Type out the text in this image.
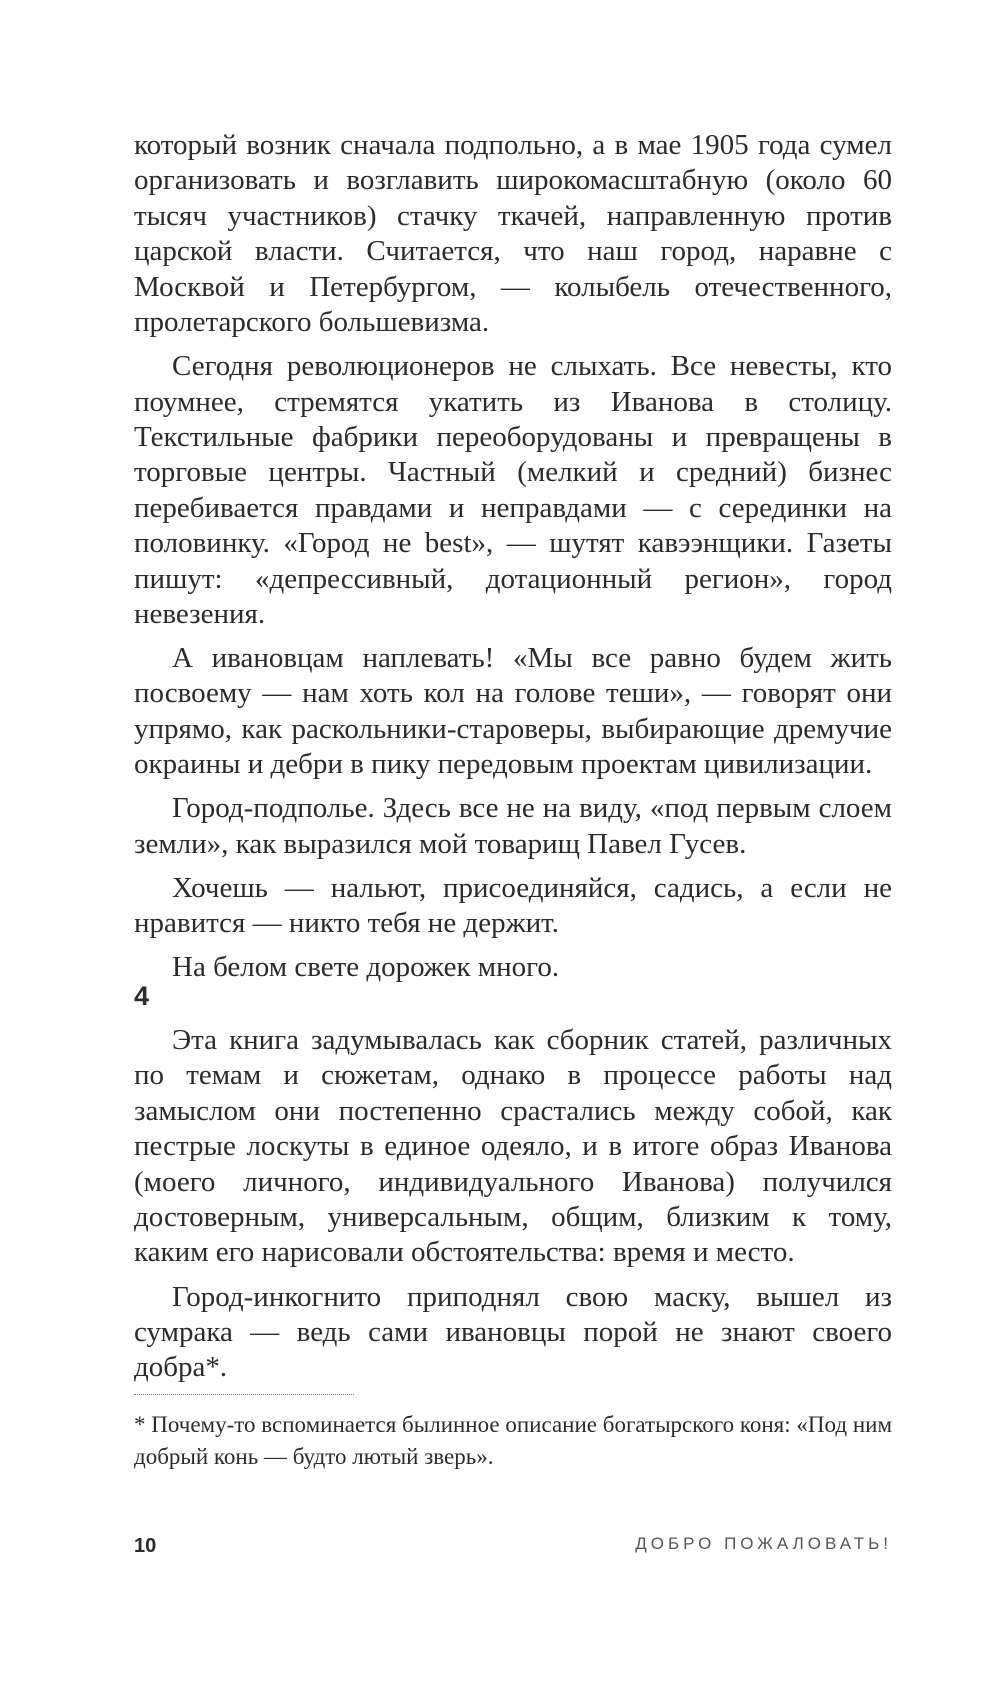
который возник сначала подпольно, а в мае 1905 года сумел организовать и возглавить широкомасштабную (около 60 тысяч участников) стачку ткачей, направленную против царской власти. Считается, что наш город, наравне с Москвой и Петербургом, — колыбель отечественного, пролетарского большевизма.

Сегодня революционеров не слыхать. Все невесты, кто поумнее, стремятся укатить из Иванова в столицу. Текстильные фабрики переоборудованы и превращены в торговые центры. Частный (мелкий и средний) бизнес перебивается правдами и неправдами — с серединки на половинку. «Город не best», — шутят кавээнщики. Газеты пишут: «депрессивный, дотационный регион», город невезения.

А ивановцам наплевать! «Мы все равно будем жить посвоему — нам хоть кол на голове теши», — говорят они упрямо, как раскольники-староверы, выбирающие дремучие окраины и дебри в пику передовым проектам цивилизации.

Город-подполье. Здесь все не на виду, «под первым слоем земли», как выразился мой товарищ Павел Гусев.

Хочешь — нальют, присоединяйся, садись, а если не нравится — никто тебя не держит.

На белом свете дорожек много.

4

Эта книга задумывалась как сборник статей, различных по темам и сюжетам, однако в процессе работы над замыслом они постепенно срастались между собой, как пестрые лоскуты в единое одеяло, и в итоге образ Иванова (моего личного, индивидуального Иванова) получился достоверным, универсальным, общим, близким к тому, каким его нарисовали обстоятельства: время и место.

Город-инкогнито приподнял свою маску, вышел из сумрака — ведь сами ивановцы порой не знают своего добра*.

* Почему-то вспоминается былинное описание богатырского коня: «Под ним добрый конь — будто лютый зверь».

10	ДОБРО ПОЖАЛОВАТЬ!
